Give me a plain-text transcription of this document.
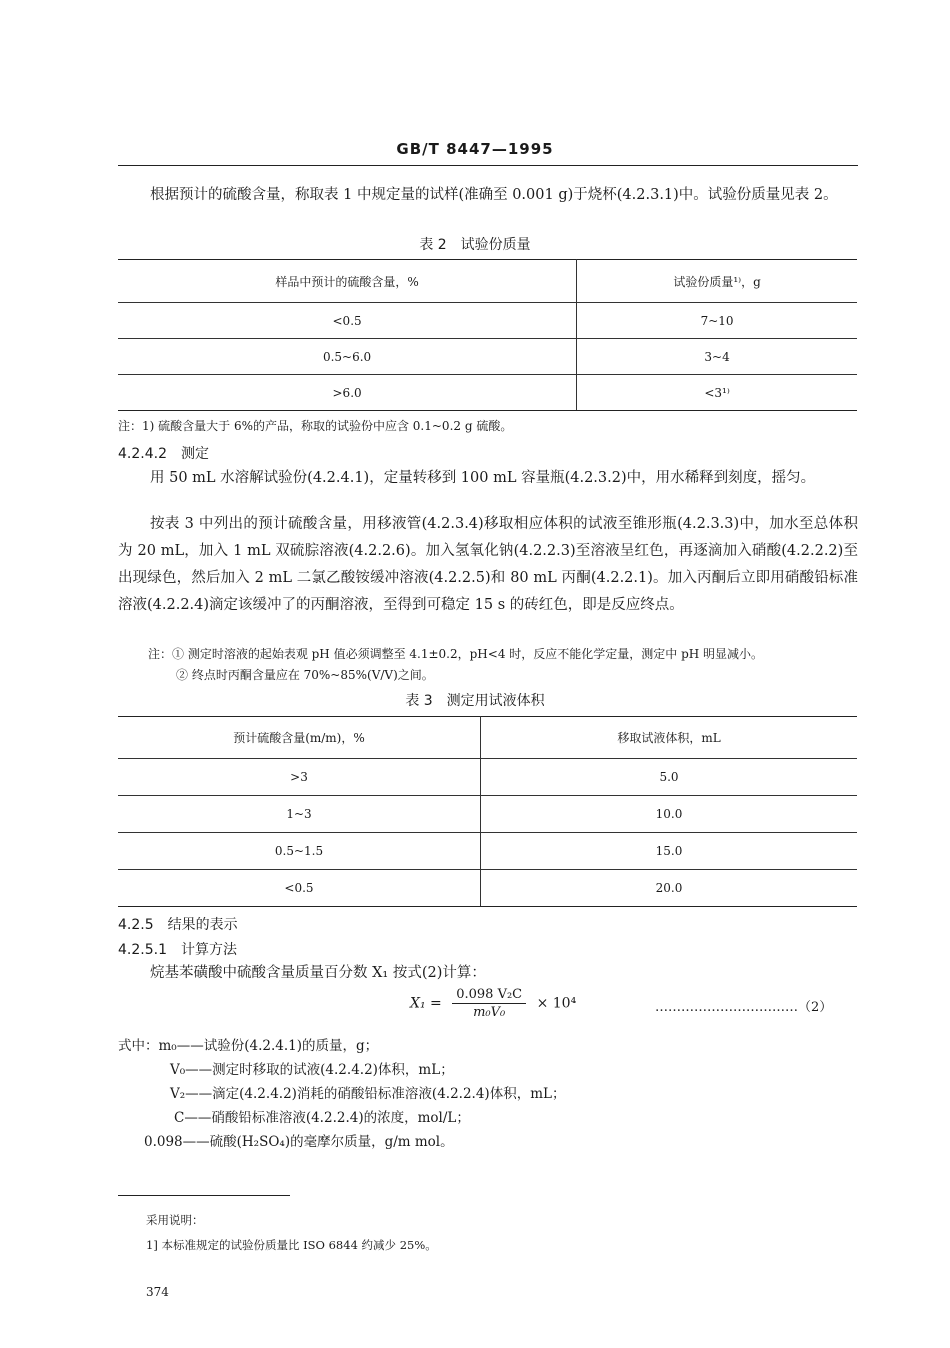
GB/T 8447—1995
根据预计的硫酸含量，称取表 1 中规定量的试样(准确至 0.001 g)于烧杯(4.2.3.1)中。试验份质量见表 2。
表 2　试验份质量
样品中预计的硫酸含量，%	试验份质量¹⁾，g
<0.5	7~10
0.5~6.0	3~4
>6.0	<3¹⁾
注：1) 硫酸含量大于 6%的产品，称取的试验份中应含 0.1~0.2 g 硫酸。
4.2.4.2　测定
用 50 mL 水溶解试验份(4.2.4.1)，定量转移到 100 mL 容量瓶(4.2.3.2)中，用水稀释到刻度，摇匀。
按表 3 中列出的预计硫酸含量，用移液管(4.2.3.4)移取相应体积的试液至锥形瓶(4.2.3.3)中，加水至总体积为 20 mL，加入 1 mL 双硫腙溶液(4.2.2.6)。加入氢氧化钠(4.2.2.3)至溶液呈红色，再逐滴加入硝酸(4.2.2.2)至出现绿色，然后加入 2 mL 二氯乙酸铵缓冲溶液(4.2.2.5)和 80 mL 丙酮(4.2.2.1)。加入丙酮后立即用硝酸铅标准溶液(4.2.2.4)滴定该缓冲了的丙酮溶液，至得到可稳定 15 s 的砖红色，即是反应终点。
注：① 测定时溶液的起始表观 pH 值必须调整至 4.1±0.2，pH<4 时，反应不能化学定量，测定中 pH 明显减小。
② 终点时丙酮含量应在 70%~85%(V/V)之间。
表 3　测定用试液体积
预计硫酸含量(m/m)，%	移取试液体积，mL
>3	5.0
1~3	10.0
0.5~1.5	15.0
<0.5	20.0
4.2.5　结果的表示
4.2.5.1　计算方法
烷基苯磺酸中硫酸含量质量百分数 X₁ 按式(2)计算：
$X_1 = \frac{\text{0.098 V₂C}}{\text{m₀V₀}} \times 10^4$	……………………………（2）
式中：m₀——试验份(4.2.4.1)的质量，g；
V₀——测定时移取的试液(4.2.4.2)体积，mL；
V₂——滴定(4.2.4.2)消耗的硝酸铅标准溶液(4.2.2.4)体积，mL；
C——硝酸铅标准溶液(4.2.2.4)的浓度，mol/L；
0.098——硫酸(H₂SO₄)的毫摩尔质量，g/m mol。
采用说明：
1] 本标准规定的试验份质量比 ISO 6844 约减少 25%。
374
